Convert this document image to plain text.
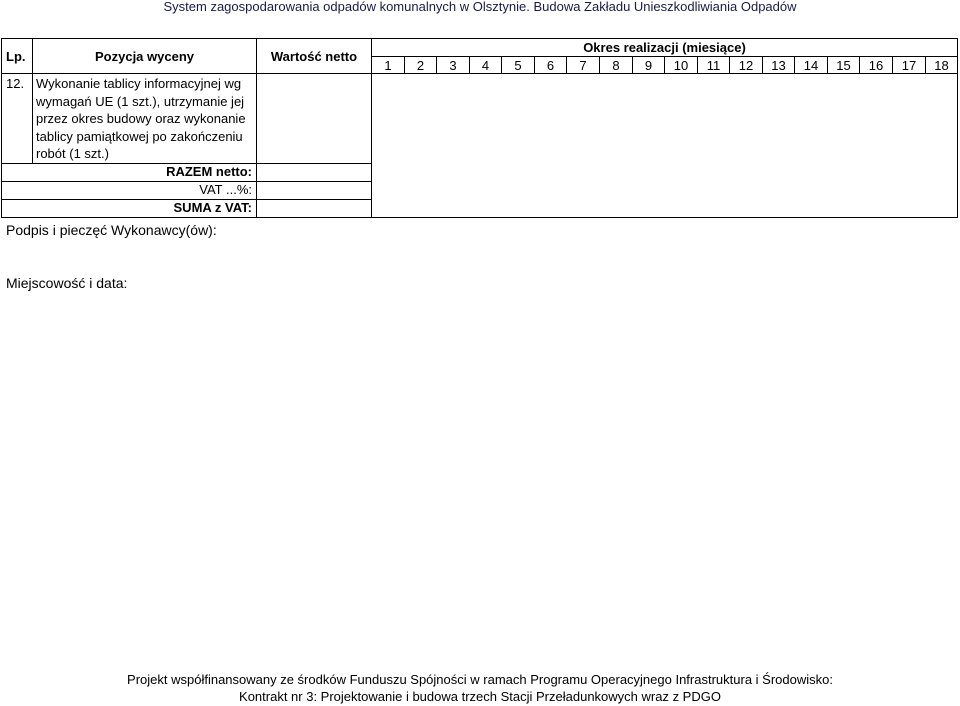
System zagospodarowania odpadów komunalnych w Olsztynie. Budowa Zakładu Unieszkodliwiania Odpadów
Lp.	Pozycja wyceny	Wartość netto	Okres realizacji (miesiące)																	
			1	2	3	4	5	6	7	8	9	10	11	12	13	14	15	16	17	18
12.	Wykonanie tablicy informacyjnej wg wymagań UE (1 szt.), utrzymanie jej przez okres budowy oraz wykonanie tablicy pamiątkowej po zakończeniu robót (1 szt.)																			
RAZEM netto:																				
VAT ...%:																				
SUMA z VAT:																				
Podpis i pieczęć Wykonawcy(ów):
Miejscowość i data:
Projekt współfinansowany ze środków Funduszu Spójności w ramach Programu Operacyjnego Infrastruktura i Środowisko:
Kontrakt nr 3: Projektowanie i budowa trzech Stacji Przeładunkowych wraz z PDGO
